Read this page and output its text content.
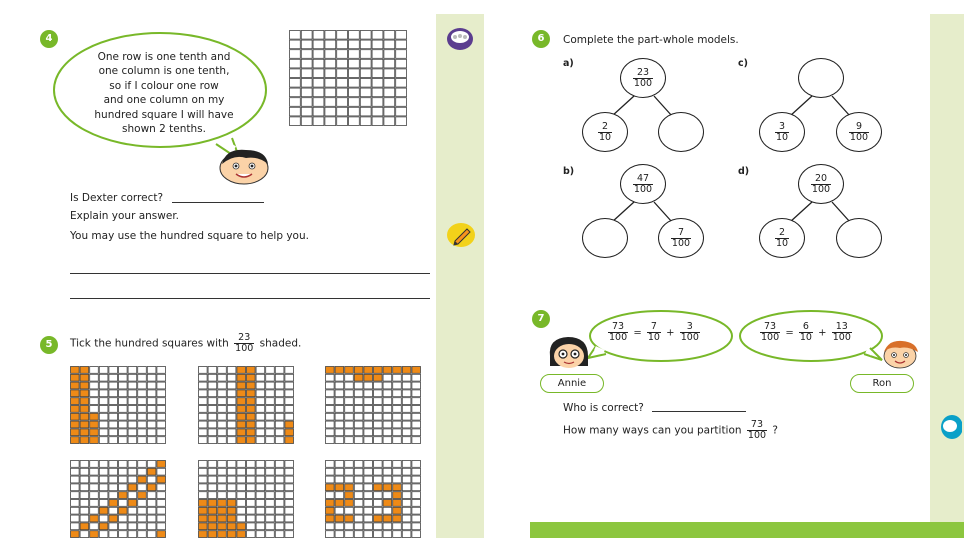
4
One row is one tenth and
one column is one tenth,
so if I colour one row
and one column on my
hundred square I will have
shown 2 tenths.
Is Dexter correct?
Explain your answer.
You may use the hundred square to help you.
5	Tick the hundred squares with $\frac{23}{100}$ shaded.
6	Complete the part-whole models.
a)	c)
b)	d)
$\frac{23}{100}$
$\frac{2}{10}$	$\frac{3}{10}$	$\frac{9}{100}$
$\frac{47}{100}$
$\frac{7}{100}$
$\frac{20}{100}$
$\frac{2}{10}$
7
$\frac{73}{100} = \frac{7}{10} + \frac{3}{100}$	$\frac{73}{100} = \frac{6}{10} + \frac{13}{100}$
Annie	Ron
Who is correct?
How many ways can you partition $\frac{73}{100}$ ?
